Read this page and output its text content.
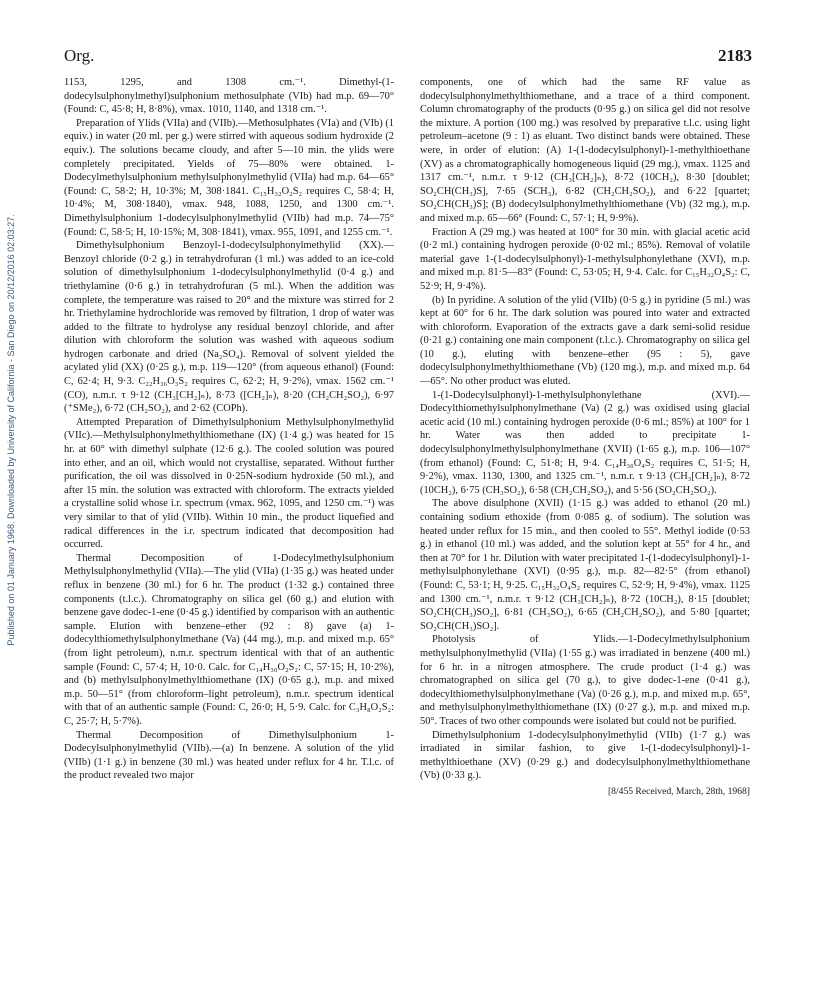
Published on 01 January 1968. Downloaded by University of California - San Diego on 20/12/2016 02:03:27.
Org.	2183

1153, 1295, and 1308 cm.⁻¹. Dimethyl-(1-dodecylsulphonylmethyl)sulphonium methosulphate (VIb) had m.p. 69—70° (Found: C, 45·8; H, 8·8%), νmax. 1010, 1140, and 1318 cm.⁻¹.

Preparation of Ylids (VIIa) and (VIIb).—Methosulphates (VIa) and (VIb) (1 equiv.) in water (20 ml. per g.) were stirred with aqueous sodium hydroxide (2 equiv.). The solutions became cloudy, and after 5—10 min. the ylids were completely precipitated. Yields of 75—80% were obtained. 1-Dodecylmethylsulphonium methylsulphonylmethylid (VIIa) had m.p. 64—65° (Found: C, 58·2; H, 10·3%; M, 308·1841. C₁₅H₃₂O₂S₂ requires C, 58·4; H, 10·4%; M, 308·1840), νmax. 948, 1088, 1250, and 1300 cm.⁻¹. Dimethylsulphonium 1-dodecylsulphonylmethylid (VIIb) had m.p. 74—75° (Found: C, 58·5; H, 10·15%; M, 308·1841), νmax. 955, 1091, and 1255 cm.⁻¹.

Dimethylsulphonium Benzoyl-1-dodecylsulphonylmethylid (XX).—Benzoyl chloride (0·2 g.) in tetrahydrofuran (1 ml.) was added to an ice-cold solution of dimethylsulphonium 1-dodecylsulphonylmethylid (0·4 g.) and triethylamine (0·6 g.) in tetrahydrofuran (5 ml.). When the addition was complete, the temperature was raised to 20° and the mixture was stirred for 2 hr. Triethylamine hydrochloride was removed by filtration, 1 drop of water was added to the filtrate to hydrolyse any residual benzoyl chloride, and after dilution with chloroform the solution was washed with aqueous sodium hydrogen carbonate and dried (Na₂SO₄). Removal of solvent yielded the acylated ylid (XX) (0·25 g.), m.p. 119—120° (from aqueous ethanol) (Found: C, 62·4; H, 9·3. C₂₂H₃₆O₃S₂ requires C, 62·2; H, 9·2%), νmax. 1562 cm.⁻¹ (CO), n.m.r. τ 9·12 (CH₃[CH₂]ₙ), 8·73 ([CH₂]ₙ), 8·20 (CH₂CH₂SO₂), 6·97 (⁺SMe₂), 6·72 (CH₂SO₂), and 2·62 (COPh).

Attempted Preparation of Dimethylsulphonium Methylsulphonylmethylid (VIIc).—Methylsulphonylmethylthiomethane (IX) (1·4 g.) was heated for 15 hr. at 60° with dimethyl sulphate (12·6 g.). The cooled solution was poured into ether, and an oil, which would not crystallise, separated. Without further purification, the oil was dissolved in 0·25N-sodium hydroxide (50 ml.), and after 15 min. the solution was extracted with chloroform. The extracts yielded a crystalline solid whose i.r. spectrum (νmax. 962, 1095, and 1250 cm.⁻¹) was very similar to that of ylid (VIIb). Within 10 min., the product liquefied and radical differences in the i.r. spectrum indicated that decomposition had occurred.

Thermal Decomposition of 1-Dodecylmethylsulphonium Methylsulphonylmethylid (VIIa).—The ylid (VIIa) (1·35 g.) was heated under reflux in benzene (30 ml.) for 6 hr. The product (1·32 g.) contained three components (t.l.c.). Chromatography on silica gel (60 g.) and elution with benzene gave dodec-1-ene (0·45 g.) identified by comparison with an authentic sample. Elution with benzene–ether (92 : 8) gave (a) 1-dodecylthiomethylsulphonylmethane (Va) (44 mg.), m.p. and mixed m.p. 65° (from light petroleum), n.m.r. spectrum identical with that of an authentic sample (Found: C, 57·4; H, 10·0. Calc. for C₁₄H₃₀O₂S₂: C, 57·15; H, 10·2%), and (b) methylsulphonylmethylthiomethane (IX) (0·65 g.), m.p. and mixed m.p. 50—51° (from chloroform–light petroleum), n.m.r. spectrum identical with that of an authentic sample (Found: C, 26·0; H, 5·9. Calc. for C₃H₈O₂S₂: C, 25·7; H, 5·7%).

Thermal Decomposition of Dimethylsulphonium 1-Dodecylsulphonylmethylid (VIIb).—(a) In benzene. A solution of the ylid (VIIb) (1·1 g.) in benzene (30 ml.) was heated under reflux for 4 hr. T.l.c. of the product revealed two major

components, one of which had the same RF value as dodecylsulphonylmethylthiomethane, and a trace of a third component. Column chromatography of the products (0·95 g.) on silica gel did not resolve the mixture. A portion (100 mg.) was resolved by preparative t.l.c. using light petroleum–acetone (9 : 1) as eluant. Two distinct bands were obtained. These were, in order of elution: (A) 1-(1-dodecylsulphonyl)-1-methylthioethane (XV) as a chromatographically homogeneous liquid (29 mg.), νmax. 1125 and 1317 cm.⁻¹, n.m.r. τ 9·12 (CH₃[CH₂]ₙ), 8·72 (10CH₂), 8·30 [doublet; SO₂CH(CH₃)S], 7·65 (SCH₃), 6·82 (CH₂CH₂SO₂), and 6·22 [quartet; SO₂CH(CH₃)S]; (B) dodecylsulphonylmethylthiomethane (Vb) (32 mg.), m.p. and mixed m.p. 65—66° (Found: C, 57·1; H, 9·9%).

Fraction A (29 mg.) was heated at 100° for 30 min. with glacial acetic acid (0·2 ml.) containing hydrogen peroxide (0·02 ml.; 85%). Removal of volatile material gave 1-(1-dodecylsulphonyl)-1-methylsulphonylethane (XVI), m.p. and mixed m.p. 81·5—83° (Found: C, 53·05; H, 9·4. Calc. for C₁₅H₃₂O₄S₂: C, 52·9; H, 9·4%).

(b) In pyridine. A solution of the ylid (VIIb) (0·5 g.) in pyridine (5 ml.) was kept at 60° for 6 hr. The dark solution was poured into water and extracted with chloroform. Evaporation of the extracts gave a dark semi-solid residue (0·21 g.) containing one main component (t.l.c.). Chromatography on silica gel (10 g.), eluting with benzene–ether (95 : 5), gave dodecylsulphonylmethylthiomethane (Vb) (120 mg.), m.p. and mixed m.p. 64—65°. No other product was eluted.

1-(1-Dodecylsulphonyl)-1-methylsulphonylethane (XVI).—Dodecylthiomethylsulphonylmethane (Va) (2 g.) was oxidised using glacial acetic acid (10 ml.) containing hydrogen peroxide (0·6 ml.; 85%) at 100° for 1 hr. Water was then added to precipitate 1-dodecylsulphonylmethylsulphonylmethane (XVII) (1·65 g.), m.p. 106—107° (from ethanol) (Found: C, 51·8; H, 9·4. C₁₄H₃₀O₄S₂ requires C, 51·5; H, 9·2%), νmax. 1130, 1300, and 1325 cm.⁻¹, n.m.r. τ 9·13 (CH₃[CH₂]ₙ), 8·72 (10CH₂), 6·75 (CH₃SO₂), 6·58 (CH₂CH₂SO₂), and 5·56 (SO₂CH₂SO₂).

The above disulphone (XVII) (1·15 g.) was added to ethanol (20 ml.) containing sodium ethoxide (from 0·085 g. of sodium). The solution was heated under reflux for 15 min., and then cooled to 55°. Methyl iodide (0·53 g.) in ethanol (10 ml.) was added, and the solution kept at 55° for 4 hr., and then at 70° for 1 hr. Dilution with water precipitated 1-(1-dodecylsulphonyl)-1-methylsulphonylethane (XVI) (0·95 g.), m.p. 82—82·5° (from ethanol) (Found: C, 53·1; H, 9·25. C₁₅H₃₂O₄S₂ requires C, 52·9; H, 9·4%), νmax. 1125 and 1300 cm.⁻¹, n.m.r. τ 9·12 (CH₃[CH₂]ₙ), 8·72 (10CH₂), 8·15 [doublet; SO₂CH(CH₃)SO₂], 6·81 (CH₃SO₂), 6·65 (CH₂CH₂SO₂), and 5·80 [quartet; SO₂CH(CH₃)SO₂].

Photolysis of Ylids.—1-Dodecylmethylsulphonium methylsulphonylmethylid (VIIa) (1·55 g.) was irradiated in benzene (400 ml.) for 6 hr. in a nitrogen atmosphere. The crude product (1·4 g.) was chromatographed on silica gel (70 g.), to give dodec-1-ene (0·41 g.), dodecylthiomethylsulphonylmethane (Va) (0·26 g.), m.p. and mixed m.p. 65°, and methylsulphonylmethylthiomethane (IX) (0·27 g.), m.p. and mixed m.p. 50°. Traces of two other compounds were isolated but could not be purified.

Dimethylsulphonium 1-dodecylsulphonylmethylid (VIIb) (1·7 g.) was irradiated in similar fashion, to give 1-(1-dodecylsulphonyl)-1-methylthioethane (XV) (0·29 g.) and dodecylsulphonylmethylthiomethane (Vb) (0·33 g.).

[8/455 Received, March, 28th, 1968]
